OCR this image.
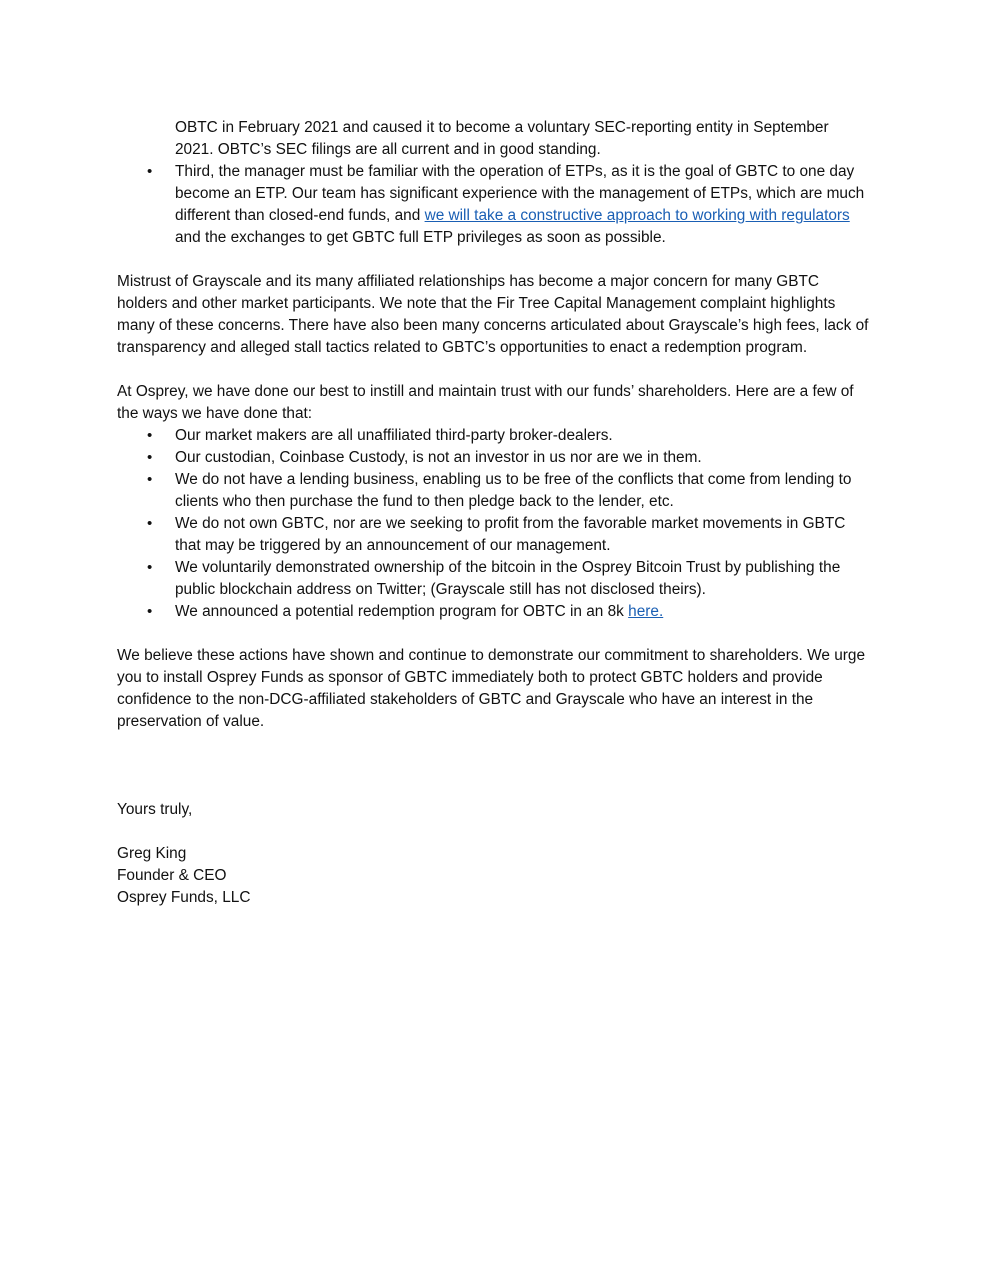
OBTC in February 2021 and caused it to become a voluntary SEC-reporting entity in September 2021. OBTC’s SEC filings are all current and in good standing.

• Third, the manager must be familiar with the operation of ETPs, as it is the goal of GBTC to one day become an ETP. Our team has significant experience with the management of ETPs, which are much different than closed-end funds, and we will take a constructive approach to working with regulators and the exchanges to get GBTC full ETP privileges as soon as possible.

Mistrust of Grayscale and its many affiliated relationships has become a major concern for many GBTC holders and other market participants. We note that the Fir Tree Capital Management complaint highlights many of these concerns. There have also been many concerns articulated about Grayscale’s high fees, lack of transparency and alleged stall tactics related to GBTC’s opportunities to enact a redemption program.

At Osprey, we have done our best to instill and maintain trust with our funds’ shareholders. Here are a few of the ways we have done that:

• Our market makers are all unaffiliated third-party broker-dealers.
• Our custodian, Coinbase Custody, is not an investor in us nor are we in them.
• We do not have a lending business, enabling us to be free of the conflicts that come from lending to clients who then purchase the fund to then pledge back to the lender, etc.
• We do not own GBTC, nor are we seeking to profit from the favorable market movements in GBTC that may be triggered by an announcement of our management.
• We voluntarily demonstrated ownership of the bitcoin in the Osprey Bitcoin Trust by publishing the public blockchain address on Twitter; (Grayscale still has not disclosed theirs).
• We announced a potential redemption program for OBTC in an 8k here.

We believe these actions have shown and continue to demonstrate our commitment to shareholders. We urge you to install Osprey Funds as sponsor of GBTC immediately both to protect GBTC holders and provide confidence to the non-DCG-affiliated stakeholders of GBTC and Grayscale who have an interest in the preservation of value.

Yours truly,

Greg King

Founder & CEO

Osprey Funds, LLC
